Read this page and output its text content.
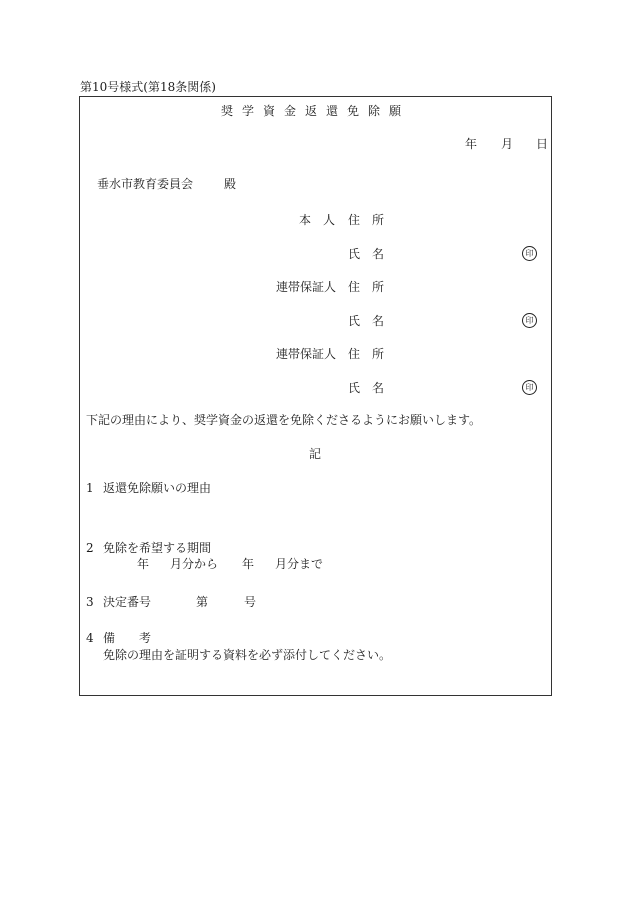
第10号様式(第18条関係)
奨学資金返還免除願
年 月 日
垂水市教育委員会	殿
本　人 住　所
氏　名	印
連帯保証人 住　所
氏　名	印
連帯保証人 住　所
氏　名	印
下記の理由により、奨学資金の返還を免除くださるようにお願いします。
記
1 返還免除願いの理由
2 免除を希望する期間
年 月分から 年 月分まで
3 決定番号	第	号
4 備　　考
免除の理由を証明する資料を必ず添付してください。
